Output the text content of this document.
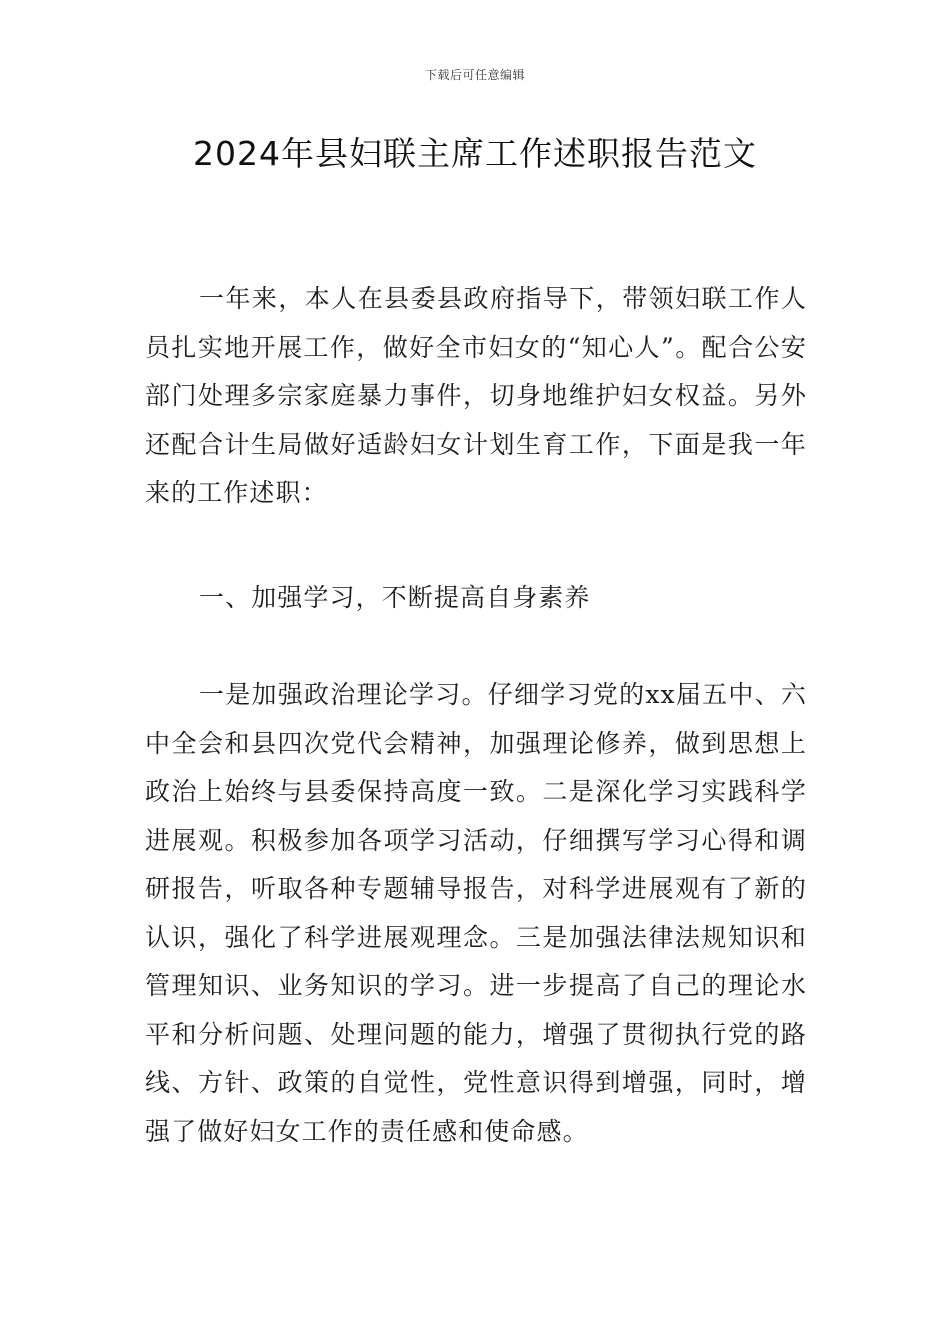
下载后可任意编辑
2024年县妇联主席工作述职报告范文

一年来，本人在县委县政府指导下，带领妇联工作人员扎实地开展工作，做好全市妇女的“知心人”。配合公安部门处理多宗家庭暴力事件，切身地维护妇女权益。另外还配合计生局做好适龄妇女计划生育工作，下面是我一年来的工作述职：

一、加强学习，不断提高自身素养

一是加强政治理论学习。仔细学习党的xx届五中、六中全会和县四次党代会精神，加强理论修养，做到思想上政治上始终与县委保持高度一致。二是深化学习实践科学进展观。积极参加各项学习活动，仔细撰写学习心得和调研报告，听取各种专题辅导报告，对科学进展观有了新的认识，强化了科学进展观理念。三是加强法律法规知识和管理知识、业务知识的学习。进一步提高了自己的理论水平和分析问题、处理问题的能力，增强了贯彻执行党的路线、方针、政策的自觉性，党性意识得到增强，同时，增强了做好妇女工作的责任感和使命感。
